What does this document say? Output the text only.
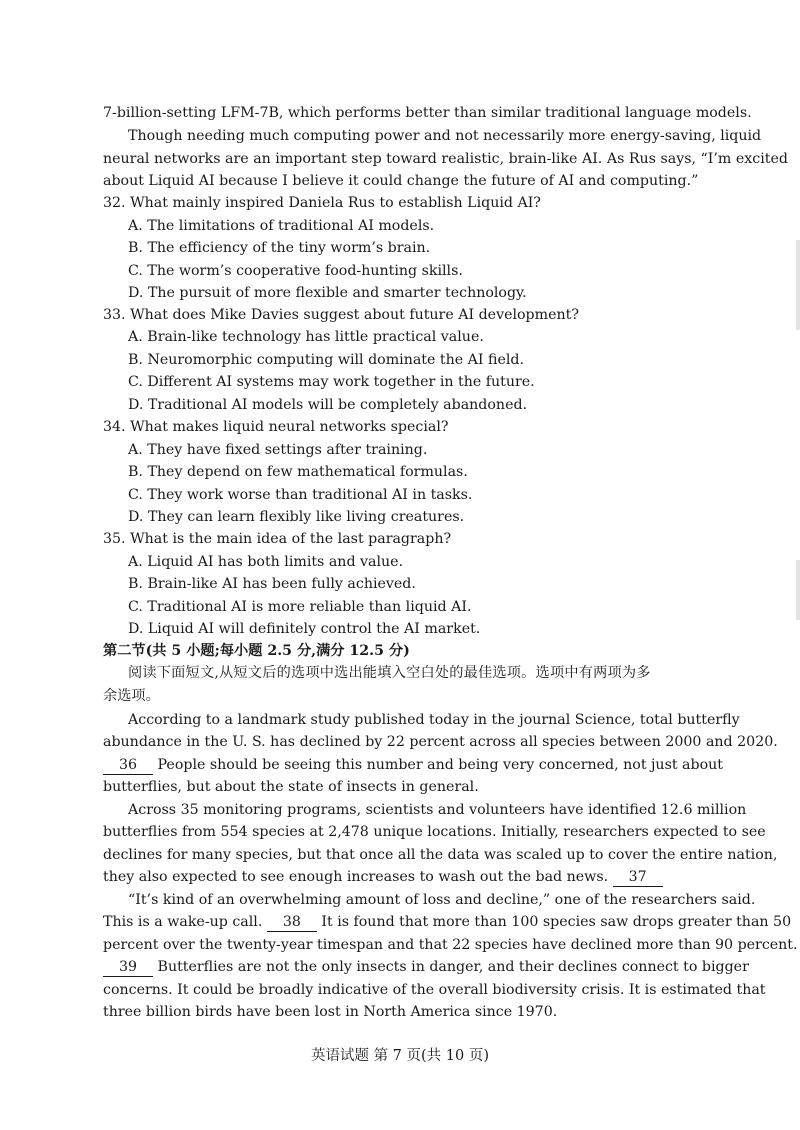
7-billion-setting LFM-7B, which performs better than similar traditional language models.
Though needing much computing power and not necessarily more energy-saving, liquid
neural networks are an important step toward realistic, brain-like AI. As Rus says, “I’m excited
about Liquid AI because I believe it could change the future of AI and computing.”
32. What mainly inspired Daniela Rus to establish Liquid AI?
A. The limitations of traditional AI models.
B. The efficiency of the tiny worm’s brain.
C. The worm’s cooperative food-hunting skills.
D. The pursuit of more flexible and smarter technology.
33. What does Mike Davies suggest about future AI development?
A. Brain-like technology has little practical value.
B. Neuromorphic computing will dominate the AI field.
C. Different AI systems may work together in the future.
D. Traditional AI models will be completely abandoned.
34. What makes liquid neural networks special?
A. They have fixed settings after training.
B. They depend on few mathematical formulas.
C. They work worse than traditional AI in tasks.
D. They can learn flexibly like living creatures.
35. What is the main idea of the last paragraph?
A. Liquid AI has both limits and value.
B. Brain-like AI has been fully achieved.
C. Traditional AI is more reliable than liquid AI.
D. Liquid AI will definitely control the AI market.
第二节(共 5 小题;每小题 2.5 分,满分 12.5 分)
阅读下面短文,从短文后的选项中选出能填入空白处的最佳选项。选项中有两项为多
余选项。
According to a landmark study published today in the journal Science, total butterfly
abundance in the U. S. has declined by 22 percent across all species between 2000 and 2020.
36 People should be seeing this number and being very concerned, not just about
butterflies, but about the state of insects in general.
Across 35 monitoring programs, scientists and volunteers have identified 12.6 million
butterflies from 554 species at 2,478 unique locations. Initially, researchers expected to see
declines for many species, but that once all the data was scaled up to cover the entire nation,
they also expected to see enough increases to wash out the bad news. 37
“It’s kind of an overwhelming amount of loss and decline,” one of the researchers said.
This is a wake-up call. 38 It is found that more than 100 species saw drops greater than 50
percent over the twenty-year timespan and that 22 species have declined more than 90 percent.
39 Butterflies are not the only insects in danger, and their declines connect to bigger
concerns. It could be broadly indicative of the overall biodiversity crisis. It is estimated that
three billion birds have been lost in North America since 1970.
英语试题 第 7 页(共 10 页)
